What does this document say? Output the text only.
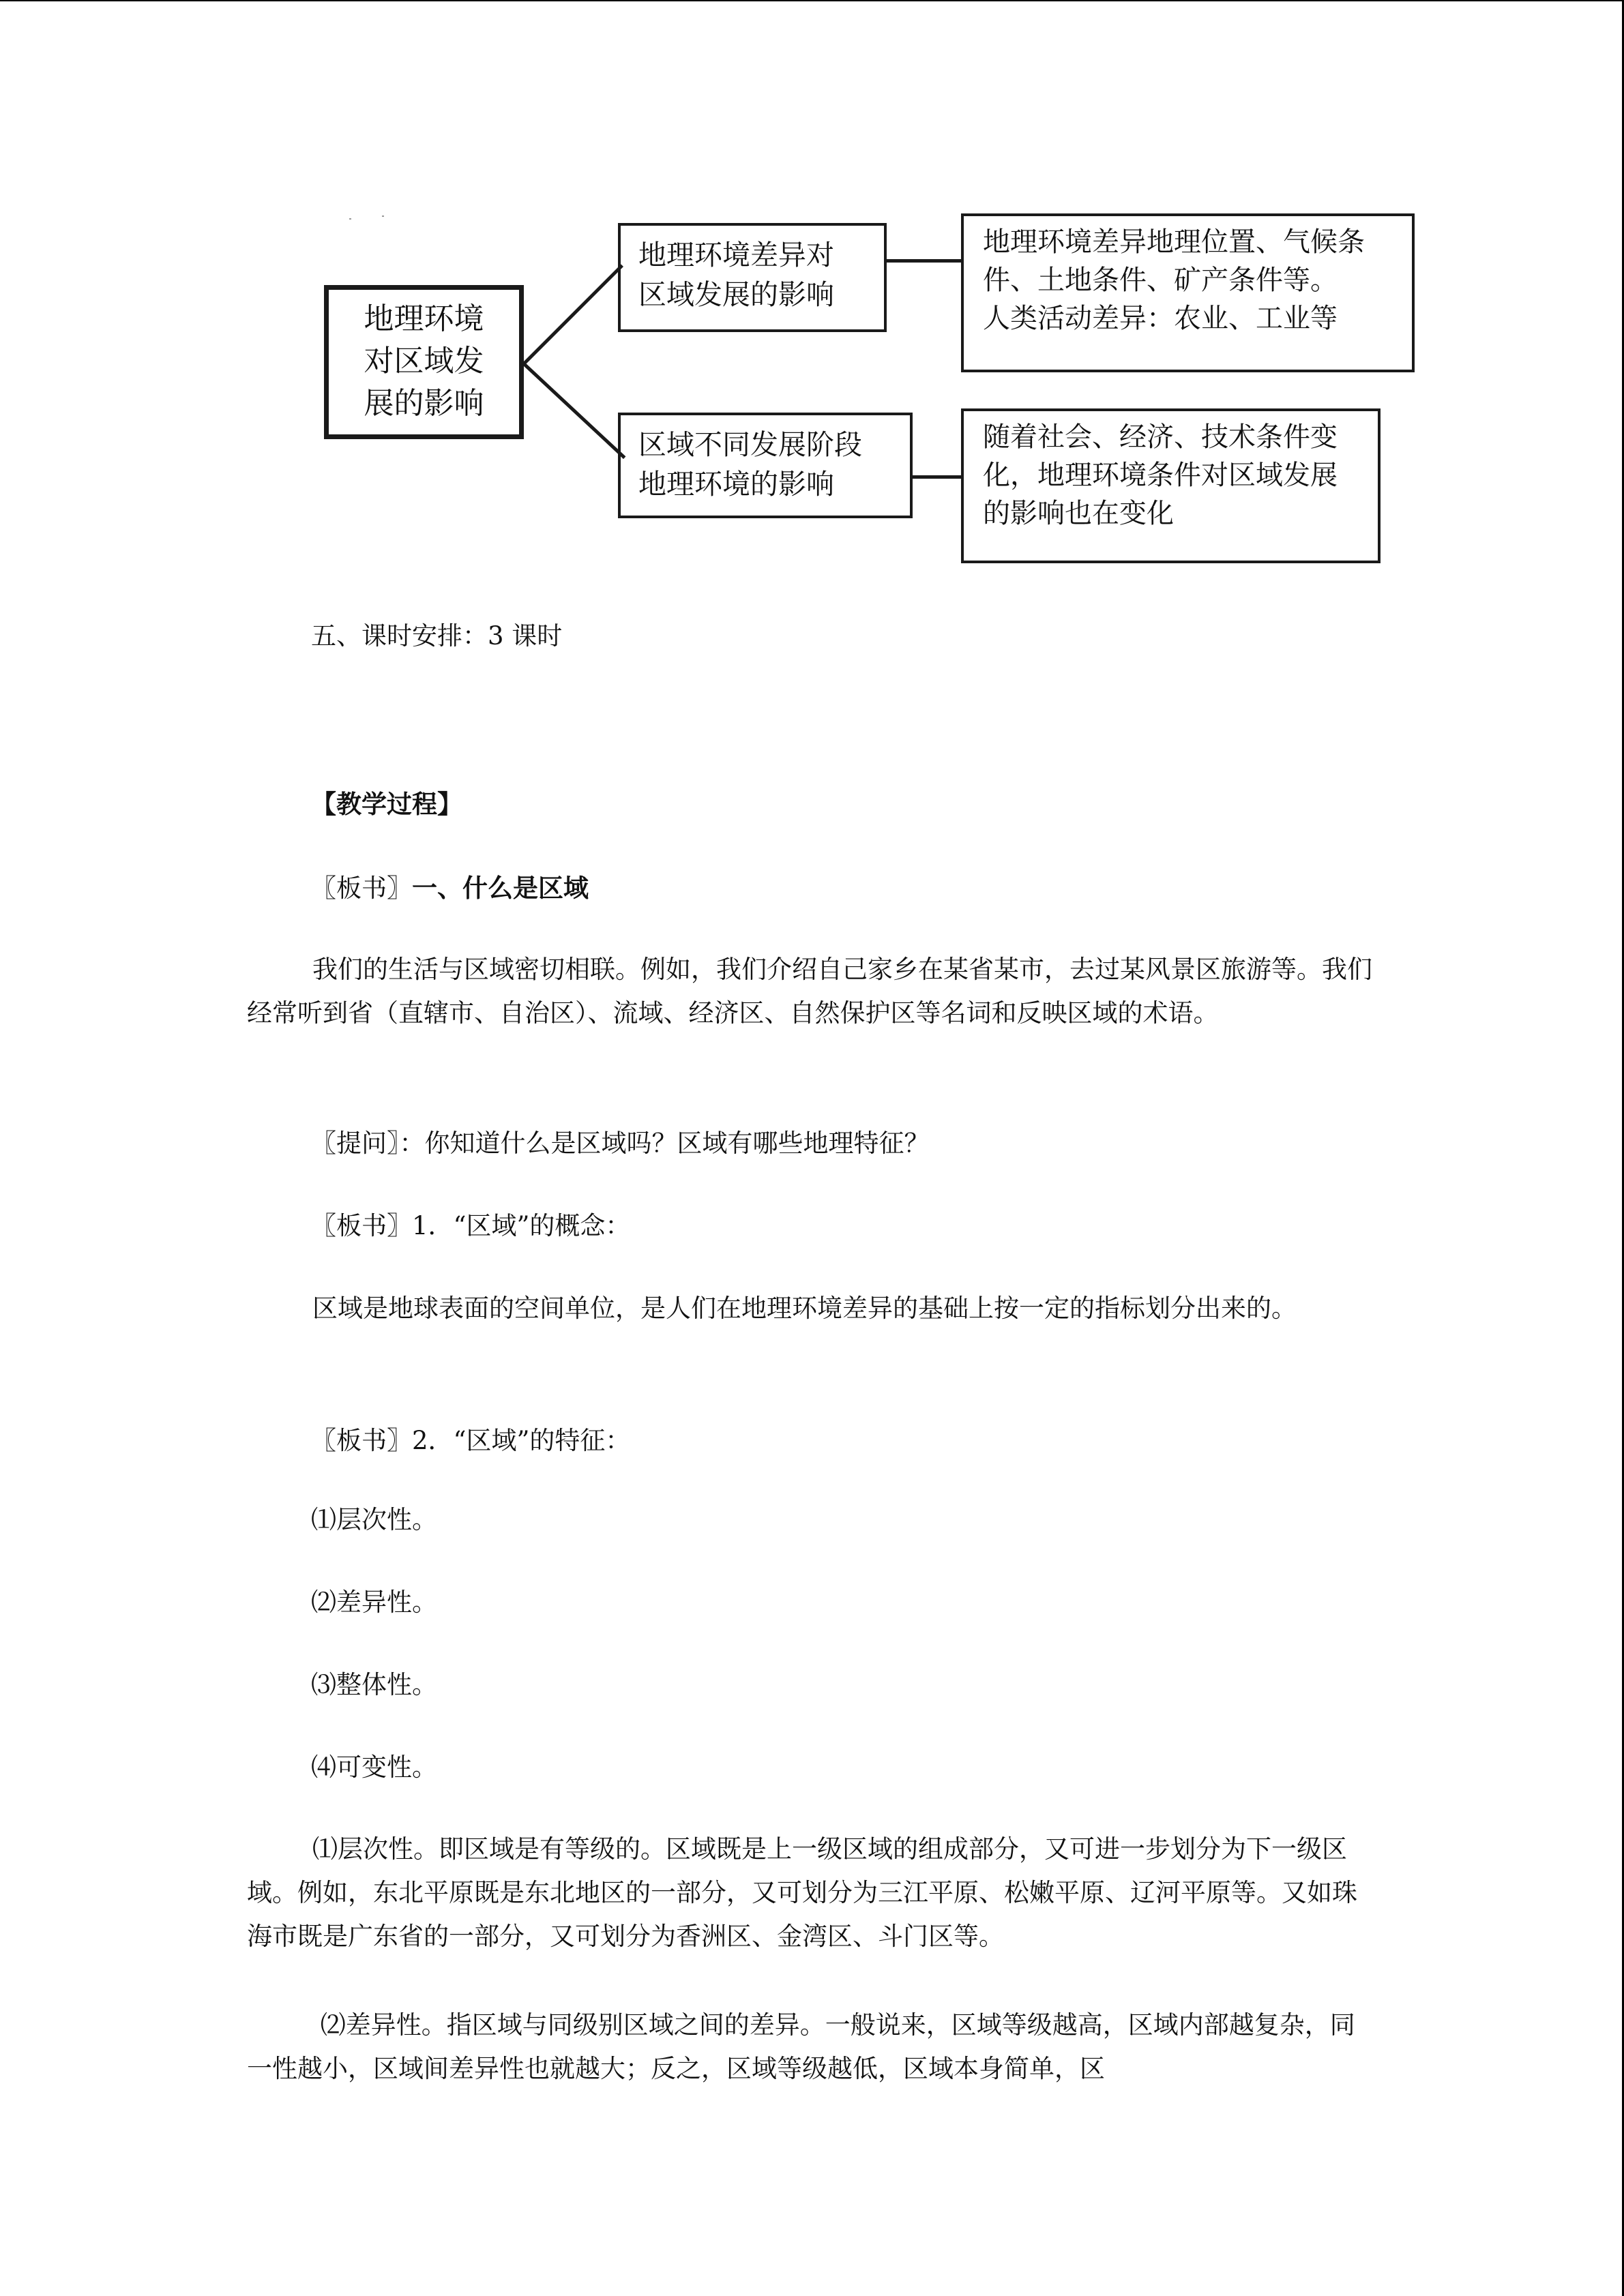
地理环境
对区域发
展的影响
地理环境差异对
区域发展的影响
区域不同发展阶段
地理环境的影响
地理环境差异地理位置、气候条
件、土地条件、矿产条件等。
人类活动差异：农业、工业等
随着社会、经济、技术条件变
化，地理环境条件对区域发展
的影响也在变化

五、课时安排：3 课时

【教学过程】

〖板书〗一、什么是区域

我们的生活与区域密切相联。例如，我们介绍自己家乡在某省某市，去过某风景区旅游等。我们经常听到省（直辖市、自治区）、流域、经济区、自然保护区等名词和反映区域的术语。

〖提问〗：你知道什么是区域吗？区域有哪些地理特征？

〖板书〗1．“区域”的概念：

区域是地球表面的空间单位，是人们在地理环境差异的基础上按一定的指标划分出来的。

〖板书〗2．“区域”的特征：

⑴层次性。

⑵差异性。

⑶整体性。

⑷可变性。

⑴层次性。即区域是有等级的。区域既是上一级区域的组成部分，又可进一步划分为下一级区域。例如，东北平原既是东北地区的一部分，又可划分为三江平原、松嫩平原、辽河平原等。又如珠海市既是广东省的一部分，又可划分为香洲区、金湾区、斗门区等。

⑵差异性。指区域与同级别区域之间的差异。一般说来，区域等级越高，区域内部越复杂，同一性越小，区域间差异性也就越大；反之，区域等级越低，区域本身简单，区
